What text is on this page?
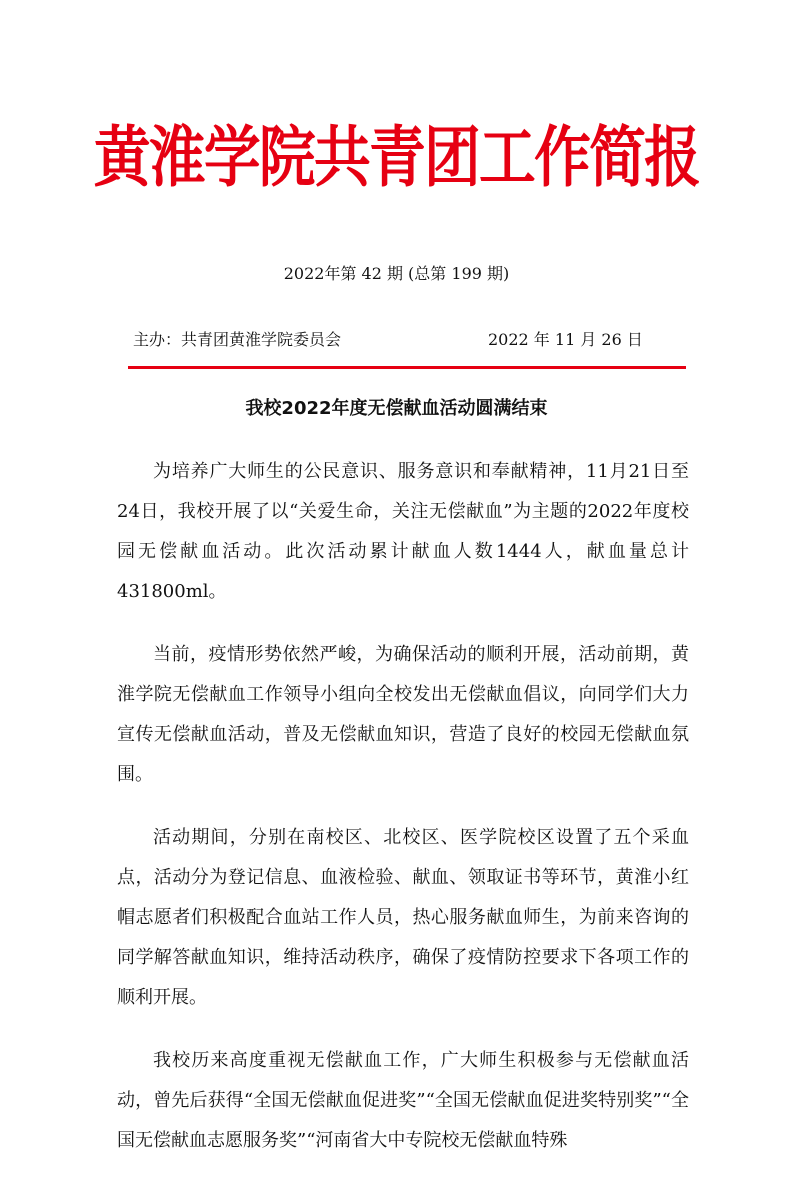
黄淮学院共青团工作简报
2022年第 42 期 (总第 199 期)
主办：共青团黄淮学院委员会	2022 年 11 月 26 日
我校2022年度无偿献血活动圆满结束

为培养广大师生的公民意识、服务意识和奉献精神，11月21日至24日，我校开展了以“关爱生命，关注无偿献血”为主题的2022年度校园无偿献血活动。此次活动累计献血人数1444人，献血量总计431800ml。

当前，疫情形势依然严峻，为确保活动的顺利开展，活动前期，黄淮学院无偿献血工作领导小组向全校发出无偿献血倡议，向同学们大力宣传无偿献血活动，普及无偿献血知识，营造了良好的校园无偿献血氛围。

活动期间，分别在南校区、北校区、医学院校区设置了五个采血点，活动分为登记信息、血液检验、献血、领取证书等环节，黄淮小红帽志愿者们积极配合血站工作人员，热心服务献血师生，为前来咨询的同学解答献血知识，维持活动秩序，确保了疫情防控要求下各项工作的顺利开展。

我校历来高度重视无偿献血工作，广大师生积极参与无偿献血活动，曾先后获得“全国无偿献血促进奖”“全国无偿献血促进奖特别奖”“全国无偿献血志愿服务奖”“河南省大中专院校无偿献血特殊
